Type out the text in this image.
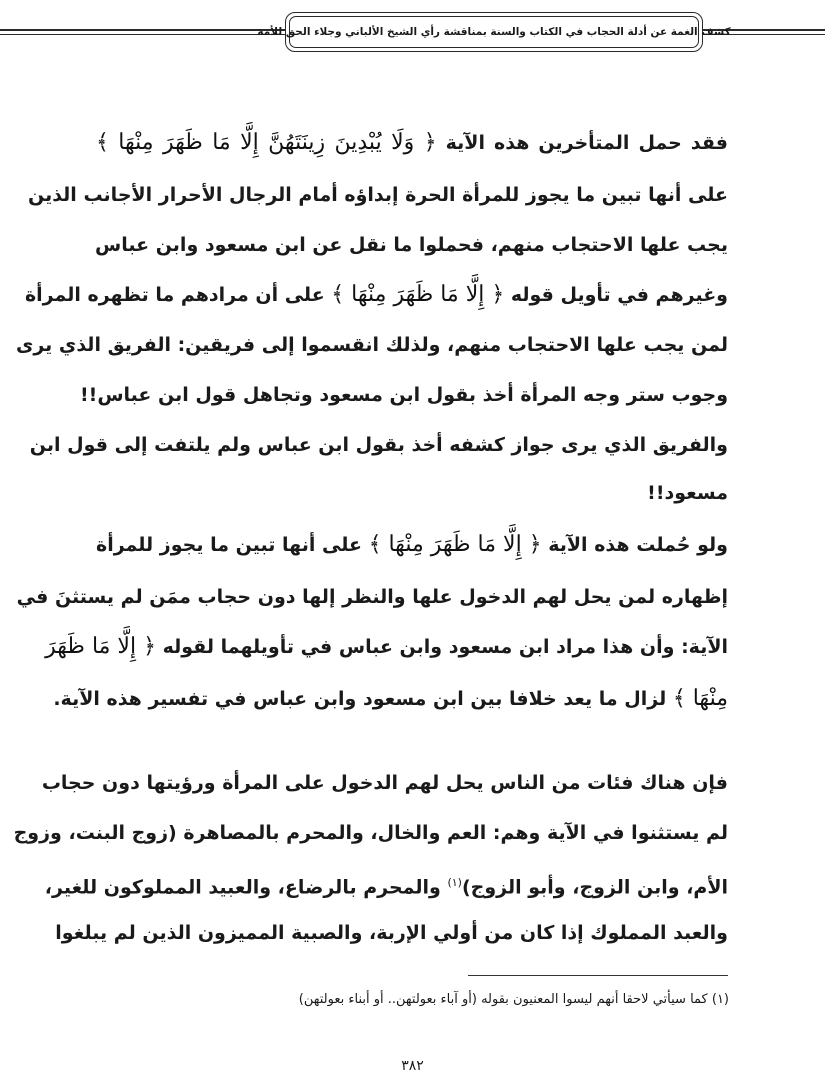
كشف الغمة عن أدلة الحجاب في الكتاب والسنة بمناقشة رأي الشيخ الألباني وجلاء الحق للأمة
فقد حمل المتأخرين هذه الآية ﴿ وَلَا يُبْدِينَ زِينَتَهُنَّ إِلَّا مَا ظَهَرَ مِنْهَا ﴾
على أنها تبين ما يجوز للمرأة الحرة إبداؤه أمام الرجال الأحرار الأجانب الذين
يجب علها الاحتجاب منهم، فحملوا ما نقل عن ابن مسعود وابن عباس
وغيرهم في تأويل قوله ﴿ إِلَّا مَا ظَهَرَ مِنْهَا ﴾ على أن مرادهم ما تظهره المرأة
لمن يجب علها الاحتجاب منهم، ولذلك انقسموا إلى فريقين: الفريق الذي يرى
وجوب ستر وجه المرأة أخذ بقول ابن مسعود وتجاهل قول ابن عباس!!
والفريق الذي يرى جواز كشفه أخذ بقول ابن عباس ولم يلتفت إلى قول ابن
مسعود!!
ولو حُملت هذه الآية ﴿ إِلَّا مَا ظَهَرَ مِنْهَا ﴾ على أنها تبين ما يجوز للمرأة
إظهاره لمن يحل لهم الدخول علها والنظر إلها دون حجاب ممَن لم يستثنَ في
الآية: وأن هذا مراد ابن مسعود وابن عباس في تأويلهما لقوله ﴿ إِلَّا مَا ظَهَرَ
مِنْهَا ﴾ لزال ما يعد خلافا بين ابن مسعود وابن عباس في تفسير هذه الآية.
فإن هناك فئات من الناس يحل لهم الدخول على المرأة ورؤيتها دون حجاب
لم يستثنوا في الآية وهم: العم والخال، والمحرم بالمصاهرة (زوج البنت، وزوج
الأم، وابن الزوج، وأبو الزوج)$^{(١)}$ والمحرم بالرضاع، والعبيد المملوكون للغير،
والعبد المملوك إذا كان من أولي الإربة، والصبية المميزون الذين لم يبلغوا
(١) كما سيأتي لاحقا أنهم ليسوا المعنيون بقوله (أو آباء بعولتهن.. أو أبناء بعولتهن)
٣٨٢
